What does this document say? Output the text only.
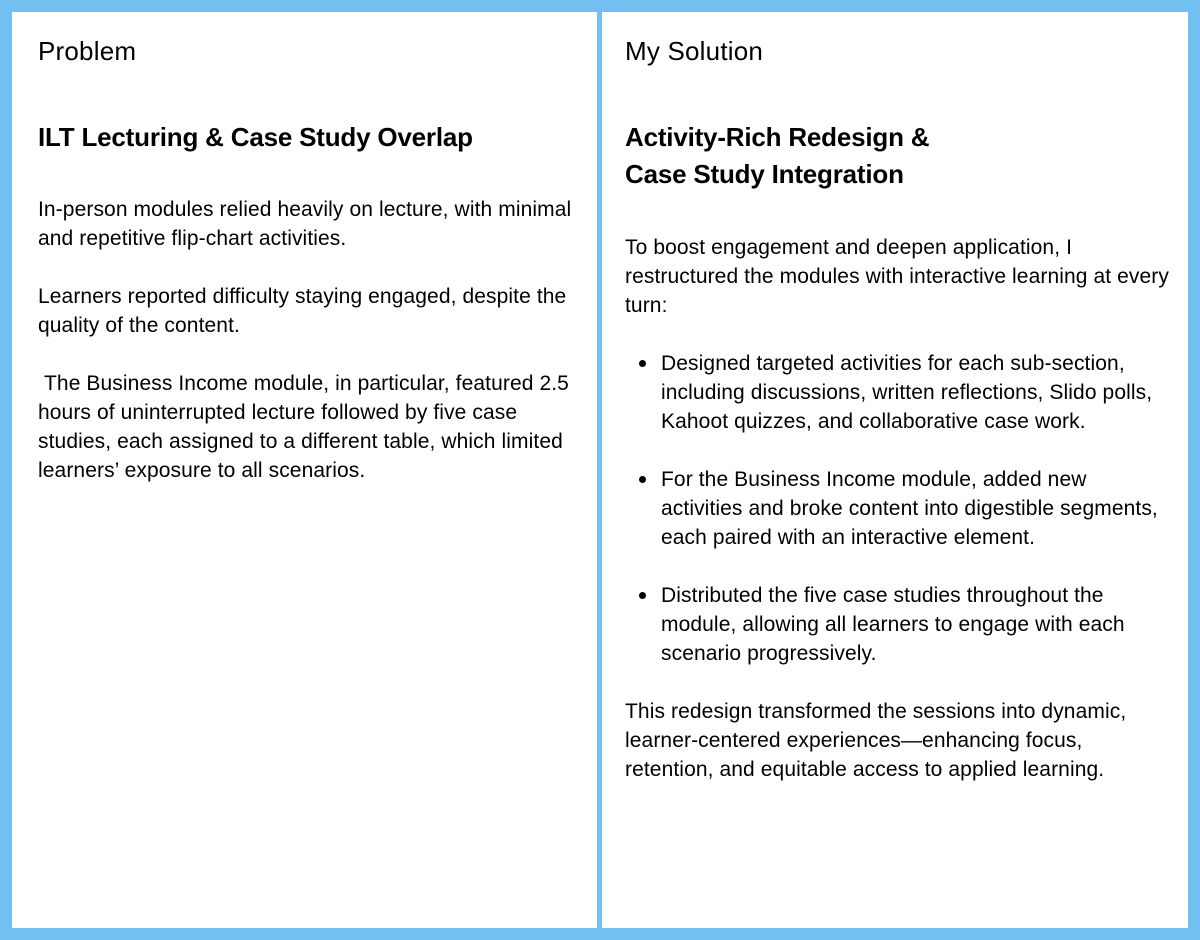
Problem
ILT Lecturing & Case Study Overlap

In-person modules relied heavily on lecture, with minimal and repetitive flip-chart activities.

Learners reported difficulty staying engaged, despite the quality of the content.

The Business Income module, in particular, featured 2.5 hours of uninterrupted lecture followed by five case studies, each assigned to a different table, which limited learners’ exposure to all scenarios.

My Solution
Activity-Rich Redesign &
Case Study Integration

To boost engagement and deepen application, I restructured the modules with interactive learning at every turn:

Designed targeted activities for each sub-section, including discussions, written reflections, Slido polls, Kahoot quizzes, and collaborative case work.
For the Business Income module, added new activities and broke content into digestible segments, each paired with an interactive element.
Distributed the five case studies throughout the module, allowing all learners to engage with each scenario progressively.

This redesign transformed the sessions into dynamic, learner-centered experiences—enhancing focus, retention, and equitable access to applied learning.
